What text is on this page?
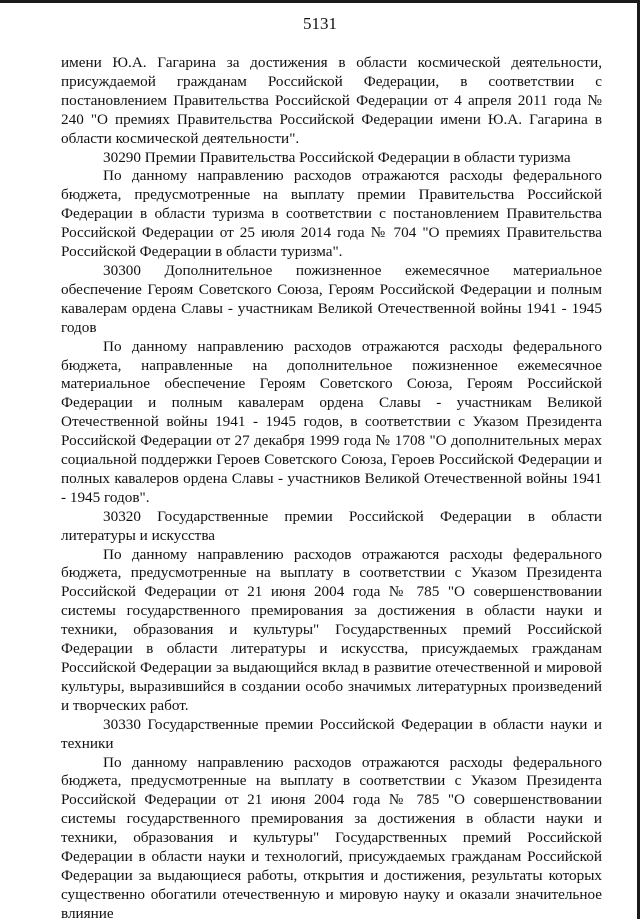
5131

имени Ю.А. Гагарина за достижения в области космической деятельности, присуждаемой гражданам Российской Федерации, в соответствии с постановлением Правительства Российской Федерации от 4 апреля 2011 года № 240 "О премиях Правительства Российской Федерации имени Ю.А. Гагарина в области космической деятельности".

30290 Премии Правительства Российской Федерации в области туризма

По данному направлению расходов отражаются расходы федерального бюджета, предусмотренные на выплату премии Правительства Российской Федерации в области туризма в соответствии с постановлением Правительства Российской Федерации от 25 июля 2014 года № 704 "О премиях Правительства Российской Федерации в области туризма".

30300 Дополнительное пожизненное ежемесячное материальное обеспечение Героям Советского Союза, Героям Российской Федерации и полным кавалерам ордена Славы - участникам Великой Отечественной войны 1941 - 1945 годов

По данному направлению расходов отражаются расходы федерального бюджета, направленные на дополнительное пожизненное ежемесячное материальное обеспечение Героям Советского Союза, Героям Российской Федерации и полным кавалерам ордена Славы - участникам Великой Отечественной войны 1941 - 1945 годов, в соответствии с Указом Президента Российской Федерации от 27 декабря 1999 года № 1708 "О дополнительных мерах социальной поддержки Героев Советского Союза, Героев Российской Федерации и полных кавалеров ордена Славы - участников Великой Отечественной войны 1941 - 1945 годов".

30320 Государственные премии Российской Федерации в области литературы и искусства

По данному направлению расходов отражаются расходы федерального бюджета, предусмотренные на выплату в соответствии с Указом Президента Российской Федерации от 21 июня 2004 года № 785 "О совершенствовании системы государственного премирования за достижения в области науки и техники, образования и культуры" Государственных премий Российской Федерации в области литературы и искусства, присуждаемых гражданам Российской Федерации за выдающийся вклад в развитие отечественной и мировой культуры, выразившийся в создании особо значимых литературных произведений и творческих работ.

30330 Государственные премии Российской Федерации в области науки и техники

По данному направлению расходов отражаются расходы федерального бюджета, предусмотренные на выплату в соответствии с Указом Президента Российской Федерации от 21 июня 2004 года № 785 "О совершенствовании системы государственного премирования за достижения в области науки и техники, образования и культуры" Государственных премий Российской Федерации в области науки и технологий, присуждаемых гражданам Российской Федерации за выдающиеся работы, открытия и достижения, результаты которых существенно обогатили отечественную и мировую науку и оказали значительное влияние
